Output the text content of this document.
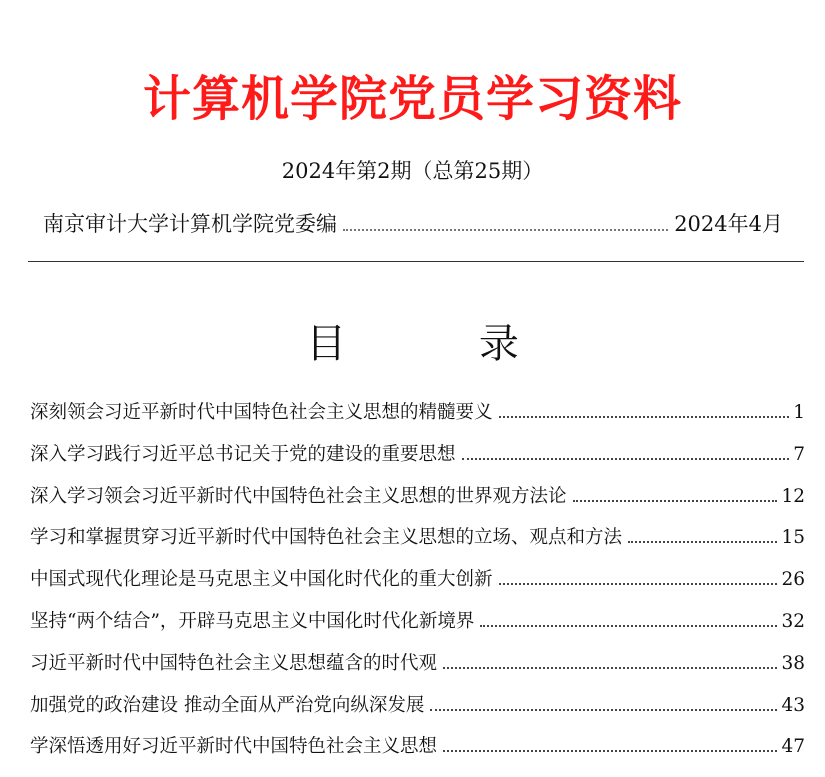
计算机学院党员学习资料
2024年第2期（总第25期）
南京审计大学计算机学院党委编	2024年4月
目 录
深刻领会习近平新时代中国特色社会主义思想的精髓要义	1
深入学习践行习近平总书记关于党的建设的重要思想	7
深入学习领会习近平新时代中国特色社会主义思想的世界观方法论	12
学习和掌握贯穿习近平新时代中国特色社会主义思想的立场、观点和方法	15
中国式现代化理论是马克思主义中国化时代化的重大创新	26
坚持“两个结合”，开辟马克思主义中国化时代化新境界	32
习近平新时代中国特色社会主义思想蕴含的时代观	38
加强党的政治建设 推动全面从严治党向纵深发展	43
学深悟透用好习近平新时代中国特色社会主义思想	47
